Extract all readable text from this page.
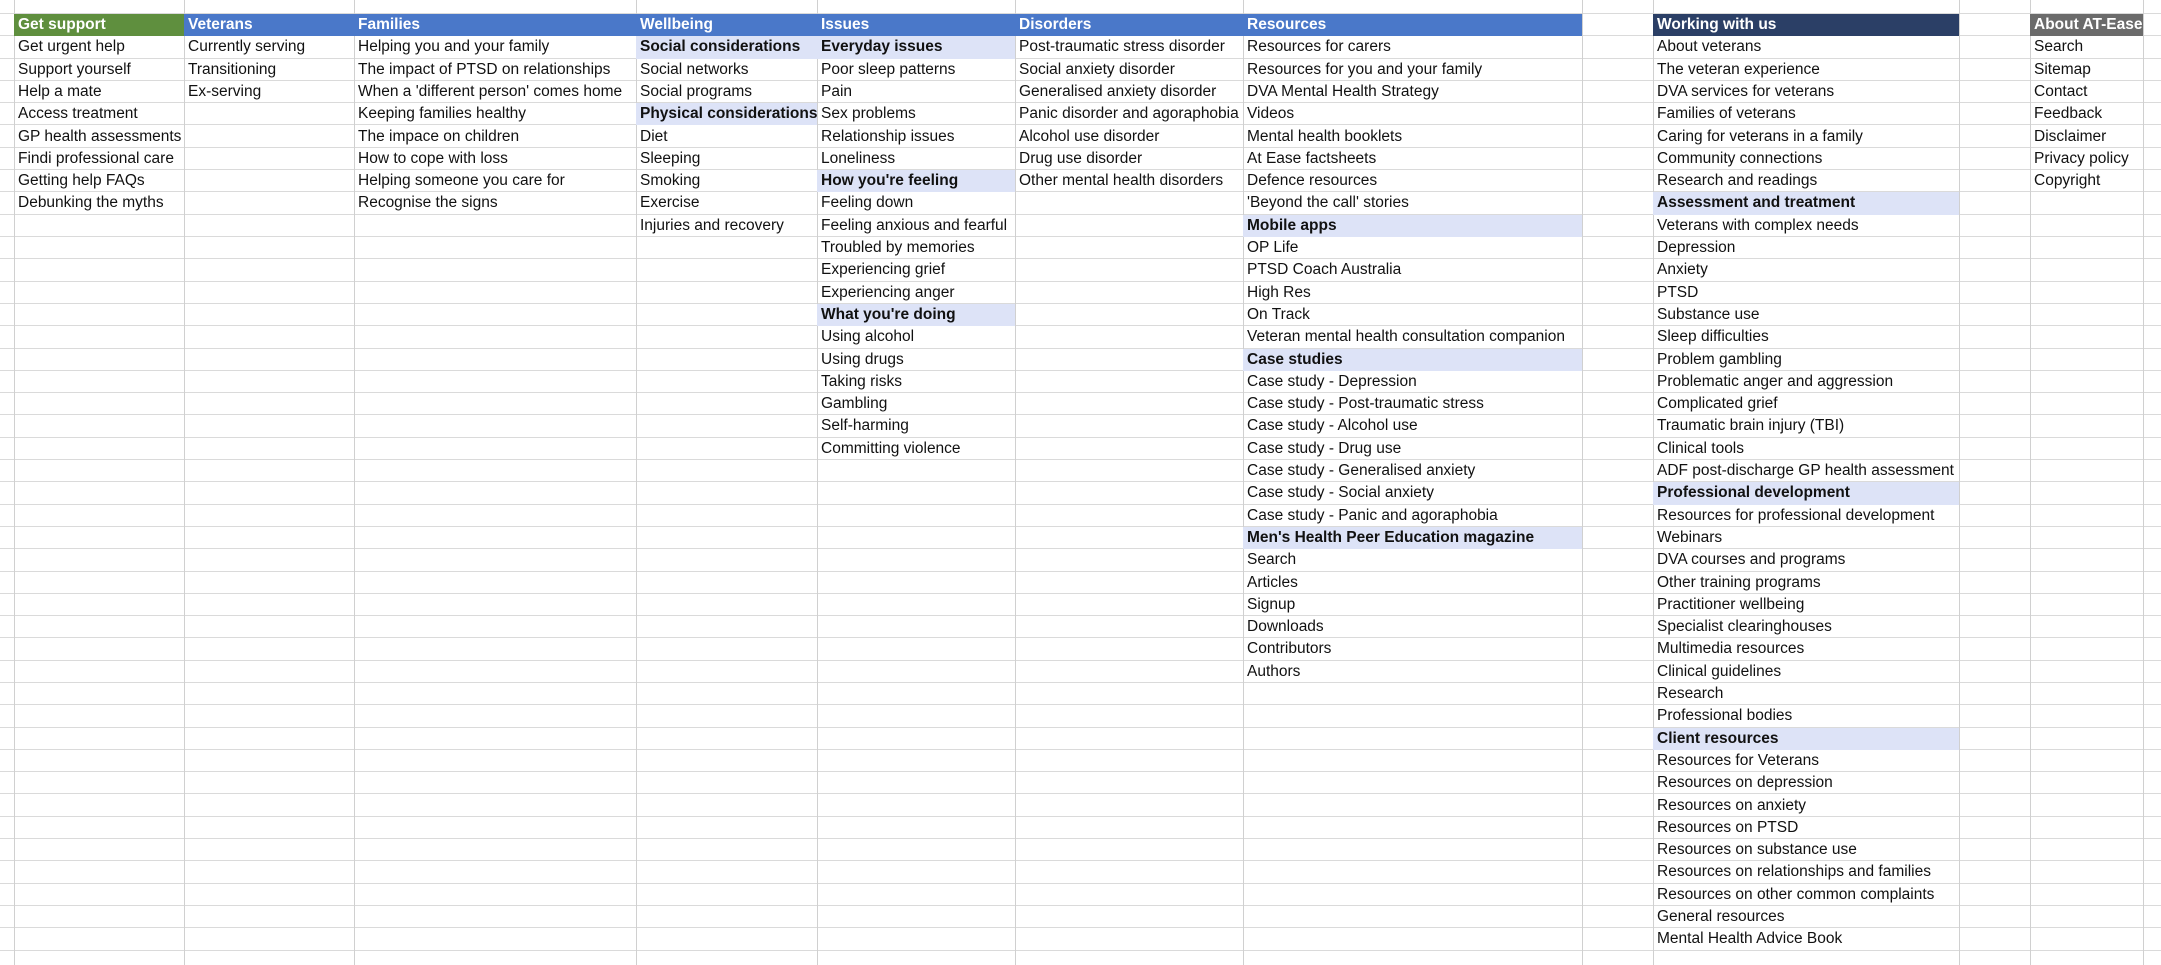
Get support
Get urgent help
Support yourself
Help a mate
Access treatment
GP health assessments
Findi professional care
Getting help FAQs
Debunking the myths
Veterans
Currently serving
Transitioning
Ex-serving
Families
Helping you and your family
The impact of PTSD on relationships
When a 'different person' comes home
Keeping families healthy
The impace on children
How to cope with loss
Helping someone you care for
Recognise the signs
Wellbeing
Social considerations
Social networks
Social programs
Physical considerations
Diet
Sleeping
Smoking
Exercise
Injuries and recovery
Issues
Everyday issues
Poor sleep patterns
Pain
Sex problems
Relationship issues
Loneliness
How you're feeling
Feeling down
Feeling anxious and fearful
Troubled by memories
Experiencing grief
Experiencing anger
What you're doing
Using alcohol
Using drugs
Taking risks
Gambling
Self-harming
Committing violence
Disorders
Post-traumatic stress disorder
Social anxiety disorder
Generalised anxiety disorder
Panic disorder and agoraphobia
Alcohol use disorder
Drug use disorder
Other mental health disorders
Resources
Resources for carers
Resources for you and your family
DVA Mental Health Strategy
Videos
Mental health booklets
At Ease factsheets
Defence resources
'Beyond the call' stories
Mobile apps
OP Life
PTSD Coach Australia
High Res
On Track
Veteran mental health consultation companion
Case studies
Case study - Depression
Case study - Post-traumatic stress
Case study - Alcohol use
Case study - Drug use
Case study - Generalised anxiety
Case study - Social anxiety
Case study - Panic and agoraphobia
Men's Health Peer Education magazine
Search
Articles
Signup
Downloads
Contributors
Authors
Working with us
About veterans
The veteran experience
DVA services for veterans
Families of veterans
Caring for veterans in a family
Community connections
Research and readings
Assessment and treatment
Veterans with complex needs
Depression
Anxiety
PTSD
Substance use
Sleep difficulties
Problem gambling
Problematic anger and aggression
Complicated grief
Traumatic brain injury (TBI)
Clinical tools
ADF post-discharge GP health assessment
Professional development
Resources for professional development
Webinars
DVA courses and programs
Other training programs
Practitioner wellbeing
Specialist clearinghouses
Multimedia resources
Clinical guidelines
Research
Professional bodies
Client resources
Resources for Veterans
Resources on depression
Resources on anxiety
Resources on PTSD
Resources on substance use
Resources on relationships and families
Resources on other common complaints
General resources
Mental Health Advice Book
About AT-Ease
Search
Sitemap
Contact
Feedback
Disclaimer
Privacy policy
Copyright
